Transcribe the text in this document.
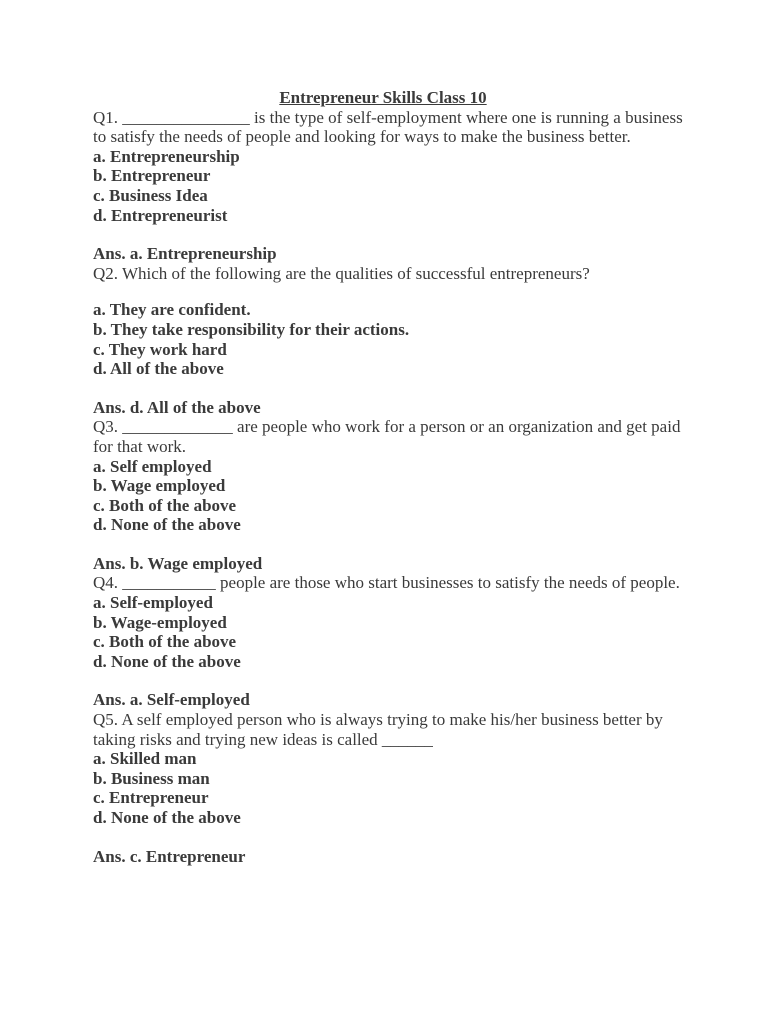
Entrepreneur Skills Class 10

Q1. _______________ is the type of self-employment where one is running a business to satisfy the needs of people and looking for ways to make the business better.

a. Entrepreneurship
b. Entrepreneur
c. Business Idea
d. Entrepreneurist

Ans. a. Entrepreneurship

Q2. Which of the following are the qualities of successful entrepreneurs?

a. They are confident.
b. They take responsibility for their actions.
c. They work hard
d. All of the above

Ans. d. All of the above

Q3. _____________ are people who work for a person or an organization and get paid for that work.

a. Self employed
b. Wage employed
c. Both of the above
d. None of the above

Ans. b. Wage employed

Q4. ___________ people are those who start businesses to satisfy the needs of people.

a. Self-employed
b. Wage-employed
c. Both of the above
d. None of the above

Ans. a. Self-employed

Q5. A self employed person who is always trying to make his/her business better by taking risks and trying new ideas is called ______

a. Skilled man
b. Business man
c. Entrepreneur
d. None of the above

Ans. c. Entrepreneur
